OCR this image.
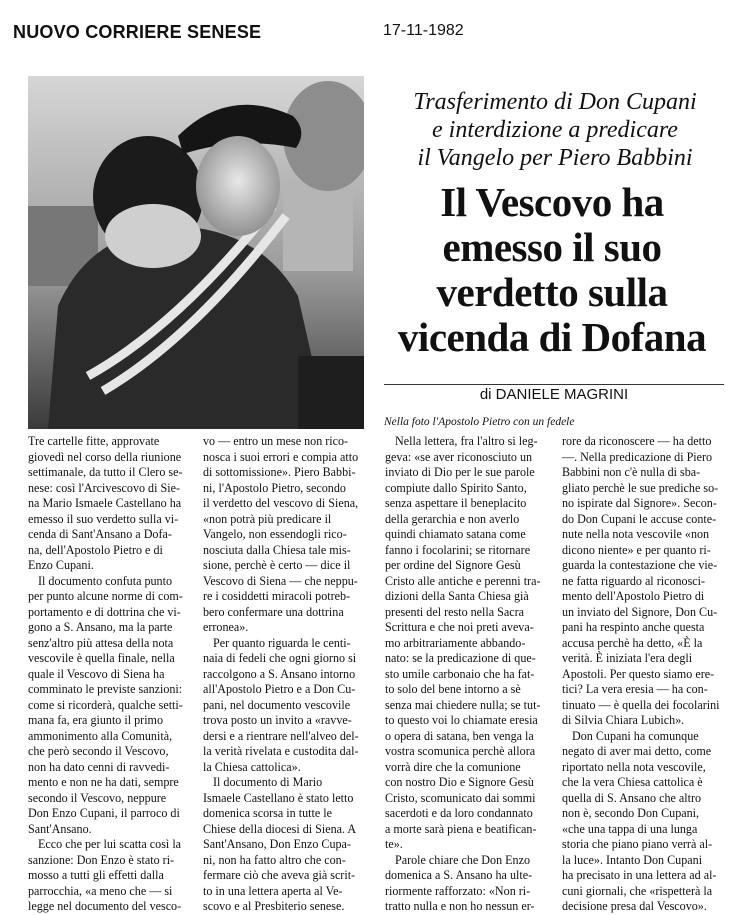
NUOVO CORRIERE SENESE	17-11-1982
Trasferimento di Don Cupani
e interdizione a predicare
il Vangelo per Piero Babbini
Il Vescovo ha
emesso il suo
verdetto sulla
vicenda di Dofana
di DANIELE MAGRINI
Nella foto l'Apostolo Pietro con un fedele
Tre cartelle fitte, approvate
giovedì nel corso della riunione
settimanale, da tutto il Clero se-
nese: così l'Arcivescovo di Sie-
na Mario Ismaele Castellano ha
emesso il suo verdetto sulla vi-
cenda di Sant'Ansano a Dofa-
na, dell'Apostolo Pietro e di
Enzo Cupani.
Il documento confuta punto
per punto alcune norme di com-
portamento e di dottrina che vi-
gono a S. Ansano, ma la parte
senz'altro più attesa della nota
vescovile è quella finale, nella
quale il Vescovo di Siena ha
comminato le previste sanzioni:
come si ricorderà, qualche setti-
mana fa, era giunto il primo
ammonimento alla Comunità,
che però secondo il Vescovo,
non ha dato cenni di ravvedi-
mento e non ne ha dati, sempre
secondo il Vescovo, neppure
Don Enzo Cupani, il parroco di
Sant'Ansano.
Ecco che per lui scatta così la
sanzione: Don Enzo è stato ri-
mosso a tutti gli effetti dalla
parrocchia, «a meno che — si
legge nel documento del vesco-
vo — entro un mese non rico-
nosca i suoi errori e compia atto
di sottomissione». Piero Babbi-
ni, l'Apostolo Pietro, secondo
il verdetto del vescovo di Siena,
«non potrà più predicare il
Vangelo, non essendogli rico-
nosciuta dalla Chiesa tale mis-
sione, perchè è certo — dice il
Vescovo di Siena — che neppu-
re i cosiddetti miracoli potreb-
bero confermare una dottrina
erronea».
Per quanto riguarda le centi-
naia di fedeli che ogni giorno si
raccolgono a S. Ansano intorno
all'Apostolo Pietro e a Don Cu-
pani, nel documento vescovile
trova posto un invito a «ravve-
dersi e a rientrare nell'alveo del-
la verità rivelata e custodita dal-
la Chiesa cattolica».
Il documento di Mario
Ismaele Castellano è stato letto
domenica scorsa in tutte le
Chiese della diocesi di Siena. A
Sant'Ansano, Don Enzo Cupa-
ni, non ha fatto altro che con-
fermare ciò che aveva già scrit-
to in una lettera aperta al Ve-
scovo e al Presbiterio senese.
Nella lettera, fra l'altro si leg-
geva: «se aver riconosciuto un
inviato di Dio per le sue parole
compiute dallo Spirito Santo,
senza aspettare il beneplacito
della gerarchia e non averlo
quindi chiamato satana come
fanno i focolarini; se ritornare
per ordine del Signore Gesù
Cristo alle antiche e perenni tra-
dizioni della Santa Chiesa già
presenti del resto nella Sacra
Scrittura e che noi preti aveva-
mo arbitrariamente abbando-
nato: se la predicazione di que-
sto umile carbonaio che ha fat-
to solo del bene intorno a sè
senza mai chiedere nulla; se tut-
to questo voi lo chiamate eresia
o opera di satana, ben venga la
vostra scomunica perchè allora
vorrà dire che la comunione
con nostro Dio e Signore Gesù
Cristo, scomunicato dai sommi
sacerdoti e da loro condannato
a morte sarà piena e beatifican-
te».
Parole chiare che Don Enzo
domenica a S. Ansano ha ulte-
riormente rafforzato: «Non ri-
tratto nulla e non ho nessun er-
rore da riconoscere — ha detto
—. Nella predicazione di Piero
Babbini non c'è nulla di sba-
gliato perchè le sue prediche so-
no ispirate dal Signore». Secon-
do Don Cupani le accuse conte-
nute nella nota vescovile «non
dicono niente» e per quanto ri-
guarda la contestazione che vie-
ne fatta riguardo al riconosci-
mento dell'Apostolo Pietro di
un inviato del Signore, Don Cu-
pani ha respinto anche questa
accusa perchè ha detto, «È la
verità. È iniziata l'era degli
Apostoli. Per questo siamo ere-
tici? La vera eresia — ha con-
tinuato — è quella dei focolarini
di Silvia Chiara Lubich».
Don Cupani ha comunque
negato di aver mai detto, come
riportato nella nota vescovile,
che la vera Chiesa cattolica è
quella di S. Ansano che altro
non è, secondo Don Cupani,
«che una tappa di una lunga
storia che piano piano verrà al-
la luce». Intanto Don Cupani
ha precisato in una lettera ad al-
cuni giornali, che «rispetterà la
decisione presa dal Vescovo».
